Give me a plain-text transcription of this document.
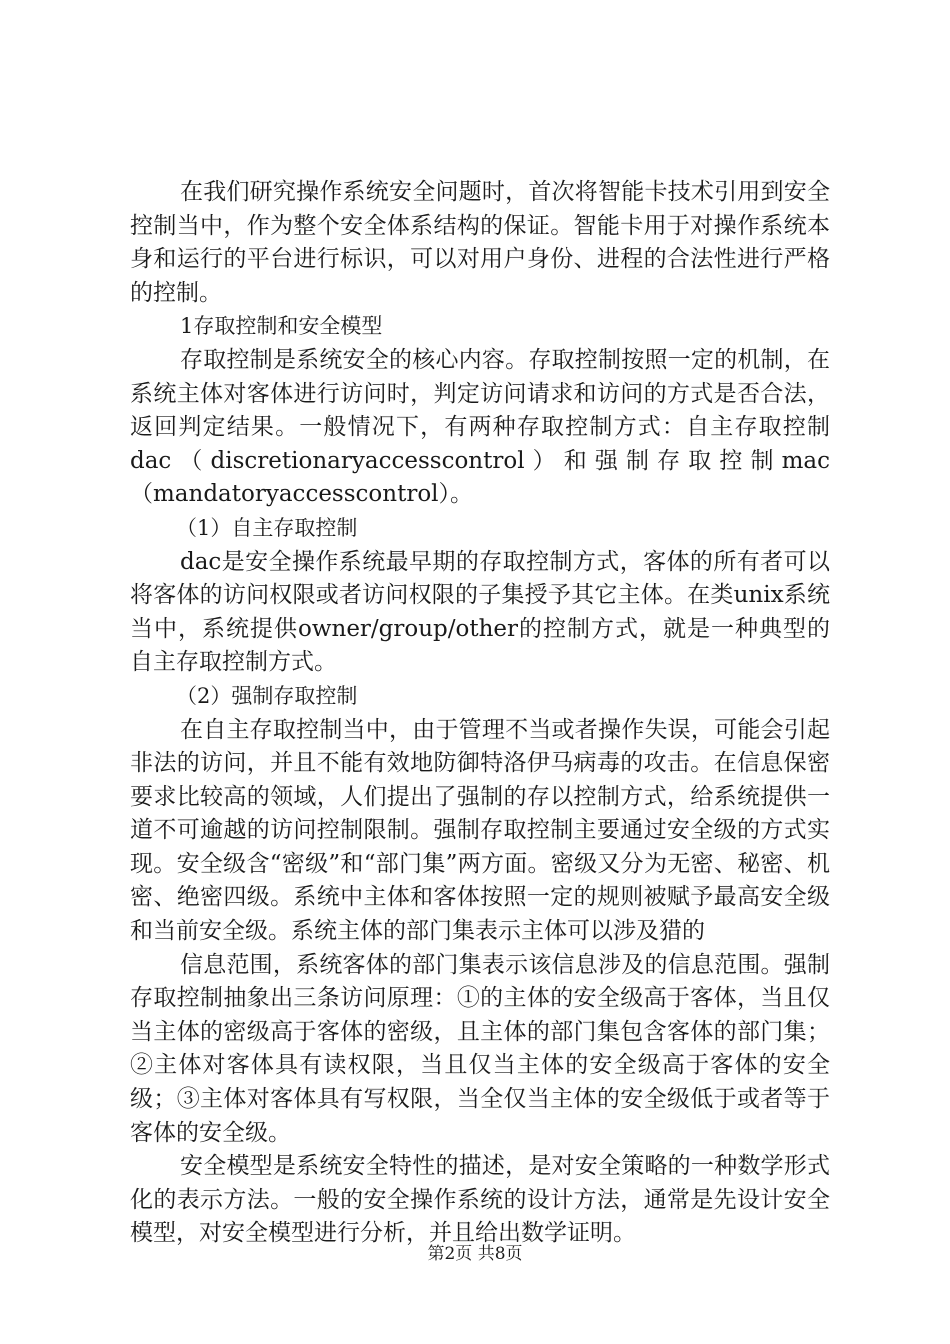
在我们研究操作系统安全问题时，首次将智能卡技术引用到安全控制当中，作为整个安全体系结构的保证。智能卡用于对操作系统本身和运行的平台进行标识，可以对用户身份、进程的合法性进行严格的控制。

1存取控制和安全模型

存取控制是系统安全的核心内容。存取控制按照一定的机制，在系统主体对客体进行访问时，判定访问请求和访问的方式是否合法，返回判定结果。一般情况下，有两种存取控制方式：自主存取控制dac（discretionaryaccesscontrol）和强制存取控制mac（mandatoryaccesscontrol）。

（1）自主存取控制

dac是安全操作系统最早期的存取控制方式，客体的所有者可以将客体的访问权限或者访问权限的子集授予其它主体。在类unix系统当中，系统提供owner/group/other的控制方式，就是一种典型的自主存取控制方式。

（2）强制存取控制

在自主存取控制当中，由于管理不当或者操作失误，可能会引起非法的访问，并且不能有效地防御特洛伊马病毒的攻击。在信息保密要求比较高的领域，人们提出了强制的存以控制方式，给系统提供一道不可逾越的访问控制限制。强制存取控制主要通过安全级的方式实现。安全级含“密级”和“部门集”两方面。密级又分为无密、秘密、机密、绝密四级。系统中主体和客体按照一定的规则被赋予最高安全级和当前安全级。系统主体的部门集表示主体可以涉及猎的

信息范围，系统客体的部门集表示该信息涉及的信息范围。强制存取控制抽象出三条访问原理：①的主体的安全级高于客体，当且仅当主体的密级高于客体的密级，且主体的部门集包含客体的部门集；②主体对客体具有读权限，当且仅当主体的安全级高于客体的安全级；③主体对客体具有写权限，当全仅当主体的安全级低于或者等于客体的安全级。

安全模型是系统安全特性的描述，是对安全策略的一种数学形式化的表示方法。一般的安全操作系统的设计方法，通常是先设计安全模型，对安全模型进行分析，并且给出数学证明。

第2页 共8页
